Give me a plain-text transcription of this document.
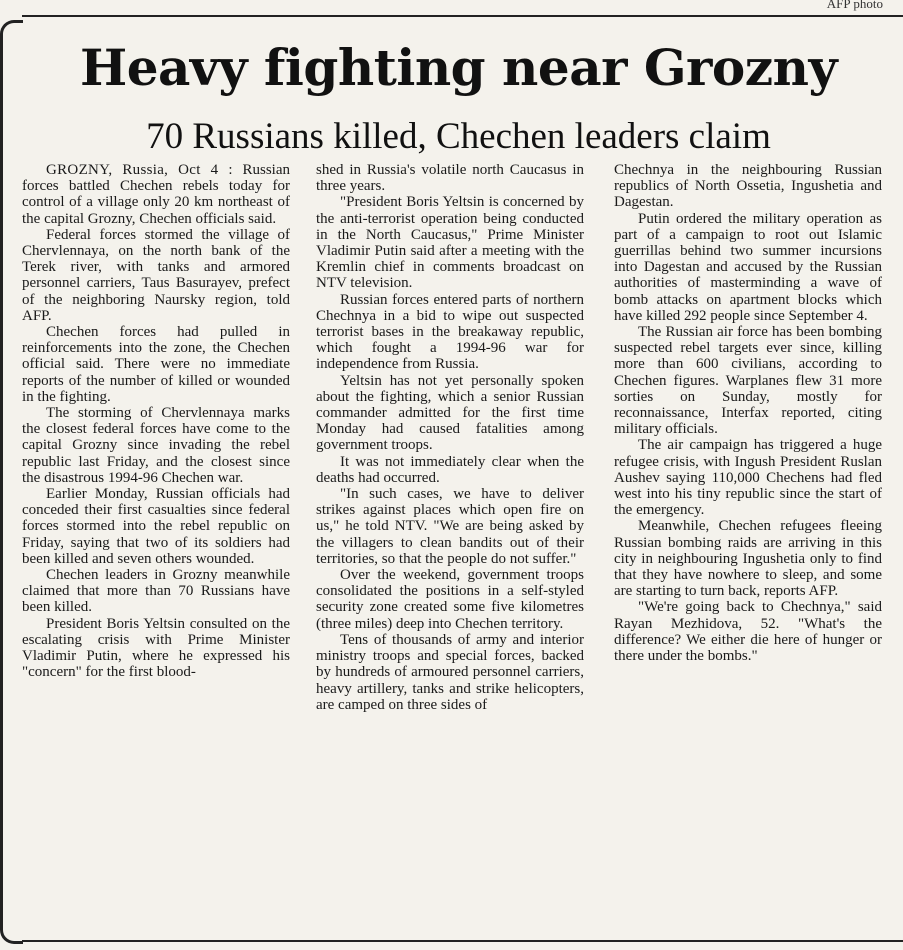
AFP photo
Heavy fighting near Grozny
70 Russians killed, Chechen leaders claim

GROZNY, Russia, Oct 4 : Russian forces battled Chechen rebels today for control of a village only 20 km northeast of the capital Grozny, Chechen officials said.

Federal forces stormed the village of Chervlennaya, on the north bank of the Terek river, with tanks and armored personnel carriers, Taus Basurayev, prefect of the neighboring Naursky region, told AFP.

Chechen forces had pulled in reinforcements into the zone, the Chechen official said. There were no immediate reports of the number of killed or wounded in the fighting.

The storming of Chervlennaya marks the closest federal forces have come to the capital Grozny since invading the rebel republic last Friday, and the closest since the disastrous 1994-96 Chechen war.

Earlier Monday, Russian officials had conceded their first casualties since federal forces stormed into the rebel republic on Friday, saying that two of its soldiers had been killed and seven others wounded.

Chechen leaders in Grozny meanwhile claimed that more than 70 Russians have been killed.

President Boris Yeltsin consulted on the escalating crisis with Prime Minister Vladimir Putin, where he expressed his "concern" for the first blood-

shed in Russia's volatile north Caucasus in three years.

"President Boris Yeltsin is concerned by the anti-terrorist operation being conducted in the North Caucasus," Prime Minister Vladimir Putin said after a meeting with the Kremlin chief in comments broadcast on NTV television.

Russian forces entered parts of northern Chechnya in a bid to wipe out suspected terrorist bases in the breakaway republic, which fought a 1994-96 war for independence from Russia.

Yeltsin has not yet personally spoken about the fighting, which a senior Russian commander admitted for the first time Monday had caused fatalities among government troops.

It was not immediately clear when the deaths had occurred.

"In such cases, we have to deliver strikes against places which open fire on us," he told NTV. "We are being asked by the villagers to clean bandits out of their territories, so that the people do not suffer."

Over the weekend, government troops consolidated the positions in a self-styled security zone created some five kilometres (three miles) deep into Chechen territory.

Tens of thousands of army and interior ministry troops and special forces, backed by hundreds of armoured personnel carriers, heavy artillery, tanks and strike helicopters, are camped on three sides of

Chechnya in the neighbouring Russian republics of North Ossetia, Ingushetia and Dagestan.

Putin ordered the military operation as part of a campaign to root out Islamic guerrillas behind two summer incursions into Dagestan and accused by the Russian authorities of masterminding a wave of bomb attacks on apartment blocks which have killed 292 people since September 4.

The Russian air force has been bombing suspected rebel targets ever since, killing more than 600 civilians, according to Chechen figures. Warplanes flew 31 more sorties on Sunday, mostly for reconnaissance, Interfax reported, citing military officials.

The air campaign has triggered a huge refugee crisis, with Ingush President Ruslan Aushev saying 110,000 Chechens had fled west into his tiny republic since the start of the emergency.

Meanwhile, Chechen refugees fleeing Russian bombing raids are arriving in this city in neighbouring Ingushetia only to find that they have nowhere to sleep, and some are starting to turn back, reports AFP.

"We're going back to Chechnya," said Rayan Mezhidova, 52. "What's the difference? We either die here of hunger or there under the bombs."
